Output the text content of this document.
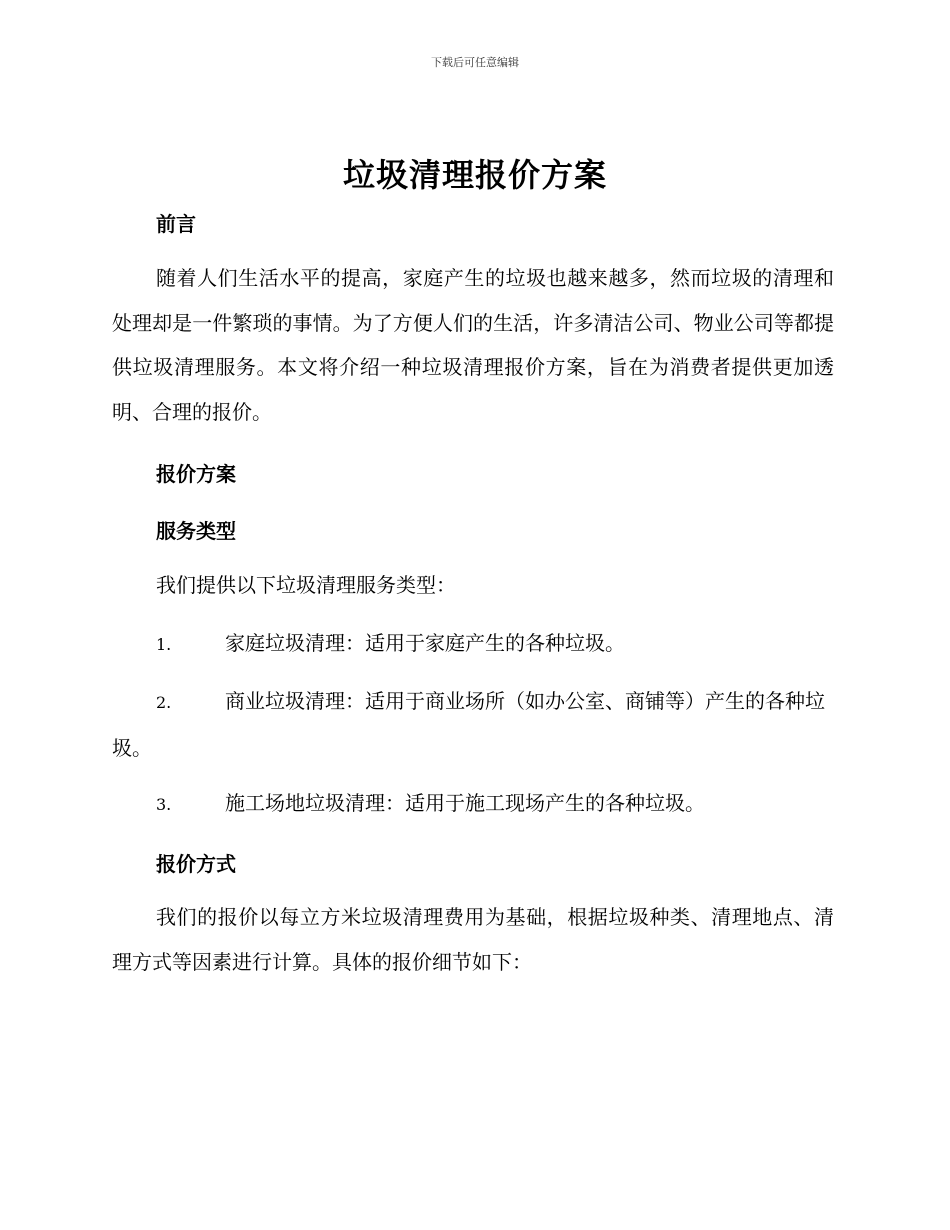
下载后可任意编辑
垃圾清理报价方案
前言

随着人们生活水平的提高，家庭产生的垃圾也越来越多，然而垃圾的清理和处理却是一件繁琐的事情。为了方便人们的生活，许多清洁公司、物业公司等都提供垃圾清理服务。本文将介绍一种垃圾清理报价方案，旨在为消费者提供更加透明、合理的报价。

报价方案
服务类型

我们提供以下垃圾清理服务类型：

1.	家庭垃圾清理：适用于家庭产生的各种垃圾。

2.	商业垃圾清理：适用于商业场所（如办公室、商铺等）产生的各种垃圾。

3.	施工场地垃圾清理：适用于施工现场产生的各种垃圾。

报价方式

我们的报价以每立方米垃圾清理费用为基础，根据垃圾种类、清理地点、清理方式等因素进行计算。具体的报价细节如下：
